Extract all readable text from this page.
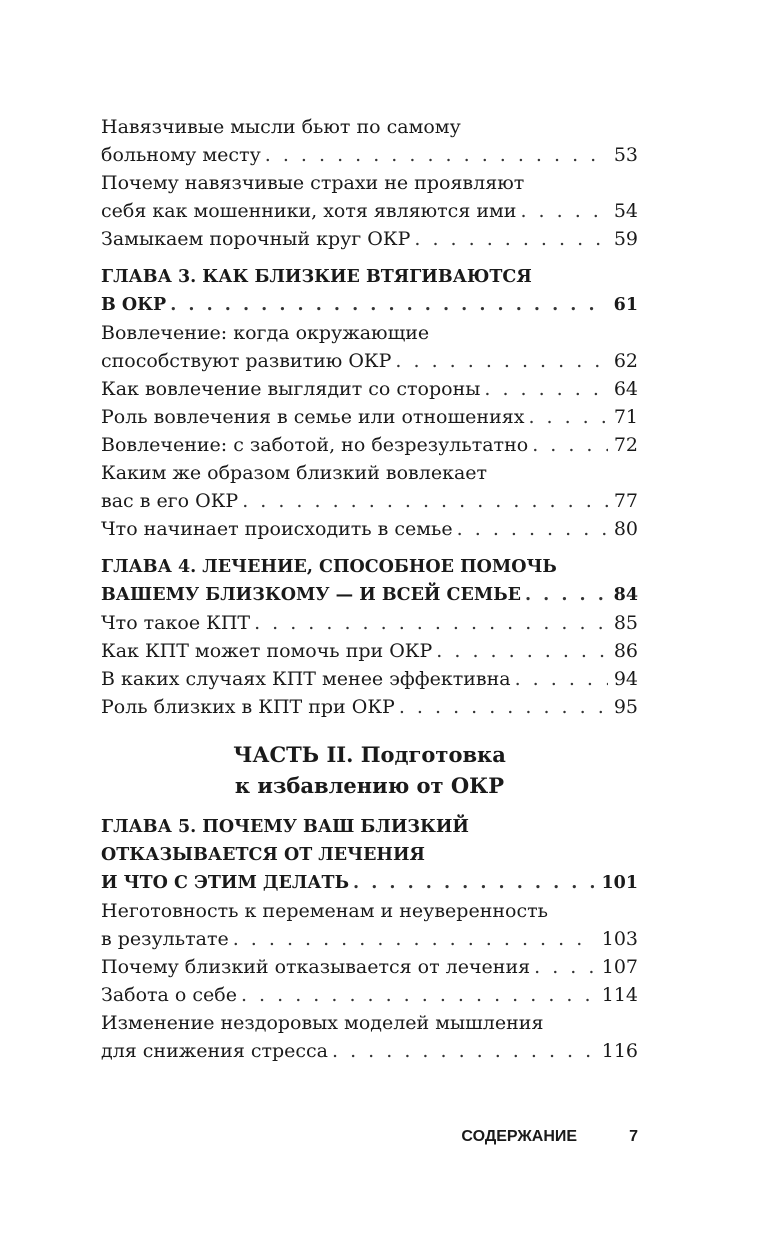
Навязчивые мысли бьют по самому
больному месту . . .	53
Почему навязчивые страхи не проявляют
себя как мошенники, хотя являются ими . . .	54
Замыкаем порочный круг ОКР . . .	59
ГЛАВА 3. КАК БЛИЗКИЕ ВТЯГИВАЮТСЯ
В ОКР . . .	61
Вовлечение: когда окружающие
способствуют развитию ОКР . . .	62
Как вовлечение выглядит со стороны . . .	64
Роль вовлечения в семье или отношениях . . .	71
Вовлечение: с заботой, но безрезультатно . . .	72
Каким же образом близкий вовлекает
вас в его ОКР . . .	77
Что начинает происходить в семье . . .	80
ГЛАВА 4. ЛЕЧЕНИЕ, СПОСОБНОЕ ПОМОЧЬ
ВАШЕМУ БЛИЗКОМУ — И ВСЕЙ СЕМЬЕ . . .	84
Что такое КПТ . . .	85
Как КПТ может помочь при ОКР . . .	86
В каких случаях КПТ менее эффективна . . .	94
Роль близких в КПТ при ОКР . . .	95
ЧАСТЬ II. Подготовка
к избавлению от ОКР
ГЛАВА 5. ПОЧЕМУ ВАШ БЛИЗКИЙ
ОТКАЗЫВАЕТСЯ ОТ ЛЕЧЕНИЯ
И ЧТО С ЭТИМ ДЕЛАТЬ . . .	101
Неготовность к переменам и неуверенность
в результате . . .	103
Почему близкий отказывается от лечения . . .	107
Забота о себе . . .	114
Изменение нездоровых моделей мышления
для снижения стресса . . .	116
СОДЕРЖАНИЕ	7
